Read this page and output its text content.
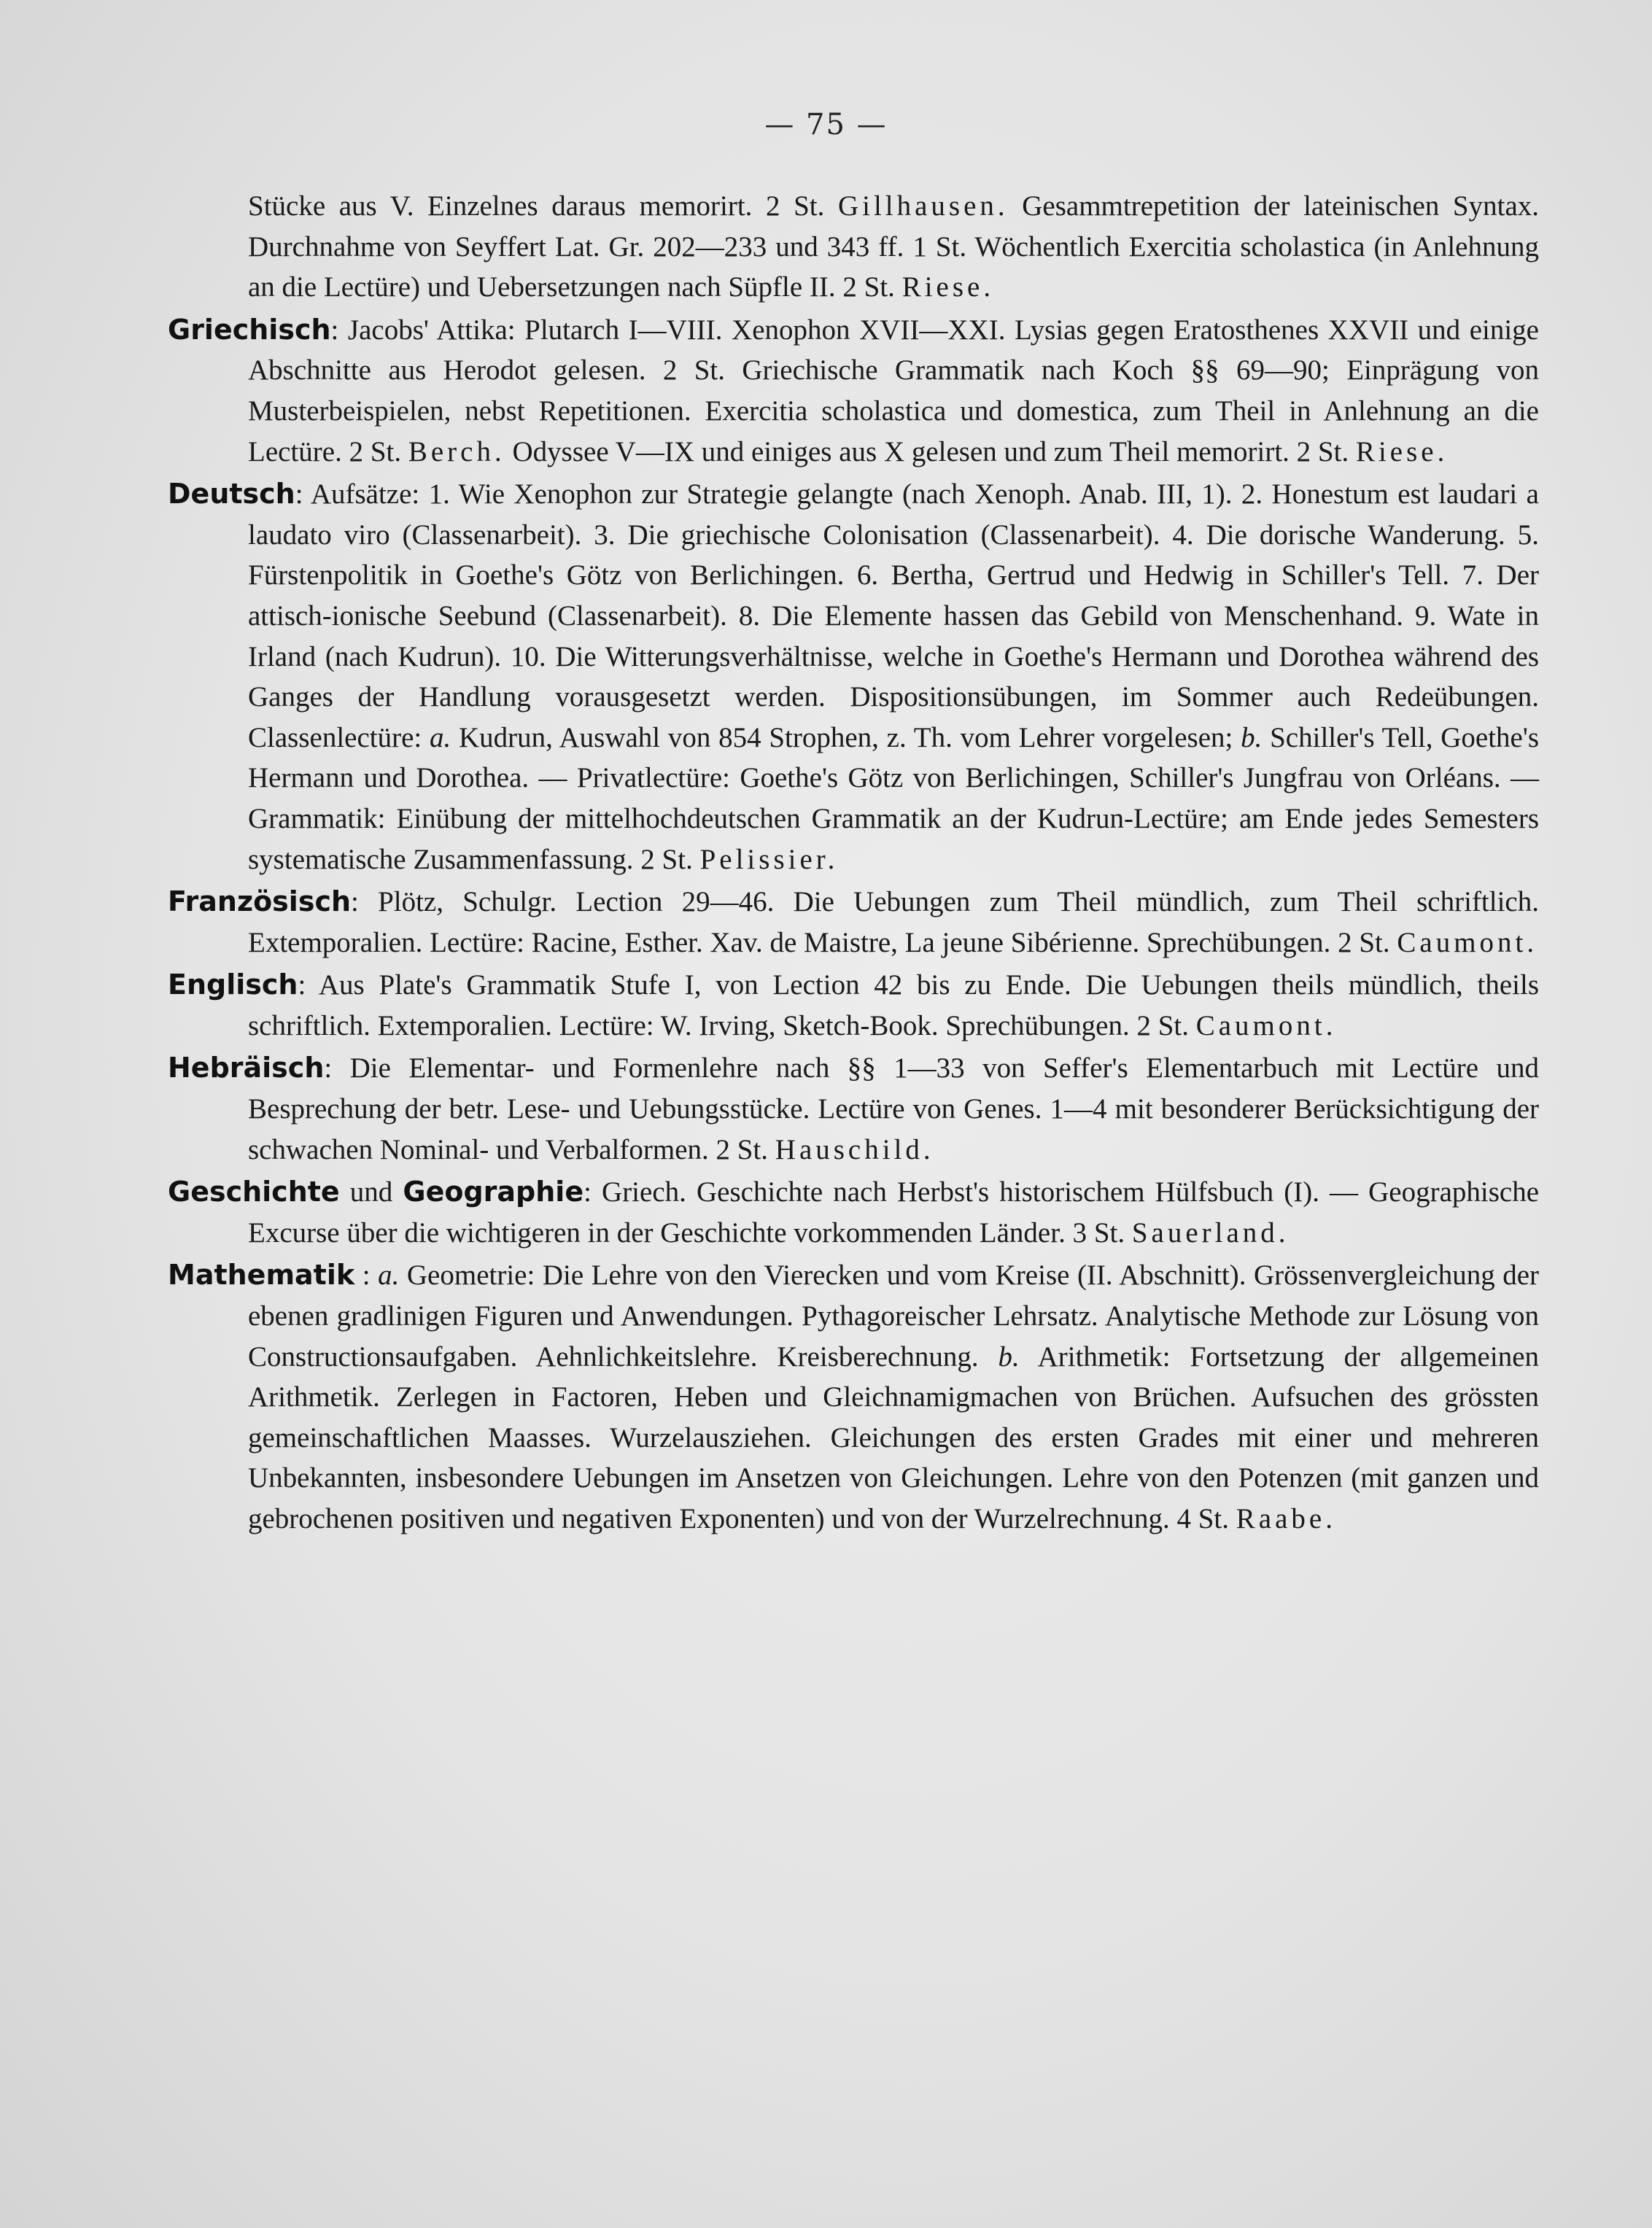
— 75 —

Stücke aus V. Einzelnes daraus memorirt. 2 St. Gillhausen. Gesammtrepetition der lateinischen Syntax. Durchnahme von Seyffert Lat. Gr. 202—233 und 343 ff. 1 St. Wöchentlich Exercitia scholastica (in Anlehnung an die Lectüre) und Uebersetzungen nach Süpfle II. 2 St. Riese.

Griechisch: Jacobs' Attika: Plutarch I—VIII. Xenophon XVII—XXI. Lysias gegen Eratosthenes XXVII und einige Abschnitte aus Herodot gelesen. 2 St. Griechische Grammatik nach Koch §§ 69—90; Einprägung von Musterbeispielen, nebst Repetitionen. Exercitia scholastica und domestica, zum Theil in Anlehnung an die Lectüre. 2 St. Berch. Odyssee V—IX und einiges aus X gelesen und zum Theil memorirt. 2 St. Riese.

Deutsch: Aufsätze: 1. Wie Xenophon zur Strategie gelangte (nach Xenoph. Anab. III, 1). 2. Honestum est laudari a laudato viro (Classenarbeit). 3. Die griechische Colonisation (Classenarbeit). 4. Die dorische Wanderung. 5. Fürstenpolitik in Goethe's Götz von Berlichingen. 6. Bertha, Gertrud und Hedwig in Schiller's Tell. 7. Der attisch-ionische Seebund (Classenarbeit). 8. Die Elemente hassen das Gebild von Menschenhand. 9. Wate in Irland (nach Kudrun). 10. Die Witterungsverhältnisse, welche in Goethe's Hermann und Dorothea während des Ganges der Handlung vorausgesetzt werden. Dispositionsübungen, im Sommer auch Redeübungen. Classenlectüre: a. Kudrun, Auswahl von 854 Strophen, z. Th. vom Lehrer vorgelesen; b. Schiller's Tell, Goethe's Hermann und Dorothea. — Privatlectüre: Goethe's Götz von Berlichingen, Schiller's Jungfrau von Orléans. — Grammatik: Einübung der mittelhochdeutschen Grammatik an der Kudrun-Lectüre; am Ende jedes Semesters systematische Zusammenfassung. 2 St. Pelissier.

Französisch: Plötz, Schulgr. Lection 29—46. Die Uebungen zum Theil mündlich, zum Theil schriftlich. Extemporalien. Lectüre: Racine, Esther. Xav. de Maistre, La jeune Sibérienne. Sprechübungen. 2 St. Caumont.

Englisch: Aus Plate's Grammatik Stufe I, von Lection 42 bis zu Ende. Die Uebungen theils mündlich, theils schriftlich. Extemporalien. Lectüre: W. Irving, Sketch-Book. Sprechübungen. 2 St. Caumont.

Hebräisch: Die Elementar- und Formenlehre nach §§ 1—33 von Seffer's Elementarbuch mit Lectüre und Besprechung der betr. Lese- und Uebungsstücke. Lectüre von Genes. 1—4 mit besonderer Berücksichtigung der schwachen Nominal- und Verbalformen. 2 St. Hauschild.

Geschichte und Geographie: Griech. Geschichte nach Herbst's historischem Hülfsbuch (I). — Geographische Excurse über die wichtigeren in der Geschichte vorkommenden Länder. 3 St. Sauerland.

Mathematik : a. Geometrie: Die Lehre von den Vierecken und vom Kreise (II. Abschnitt). Grössenvergleichung der ebenen gradlinigen Figuren und Anwendungen. Pythagoreischer Lehrsatz. Analytische Methode zur Lösung von Constructionsaufgaben. Aehnlichkeitslehre. Kreisberechnung. b. Arithmetik: Fortsetzung der allgemeinen Arithmetik. Zerlegen in Factoren, Heben und Gleichnamigmachen von Brüchen. Aufsuchen des grössten gemeinschaftlichen Maasses. Wurzelausziehen. Gleichungen des ersten Grades mit einer und mehreren Unbekannten, insbesondere Uebungen im Ansetzen von Gleichungen. Lehre von den Potenzen (mit ganzen und gebrochenen positiven und negativen Exponenten) und von der Wurzelrechnung. 4 St. Raabe.
